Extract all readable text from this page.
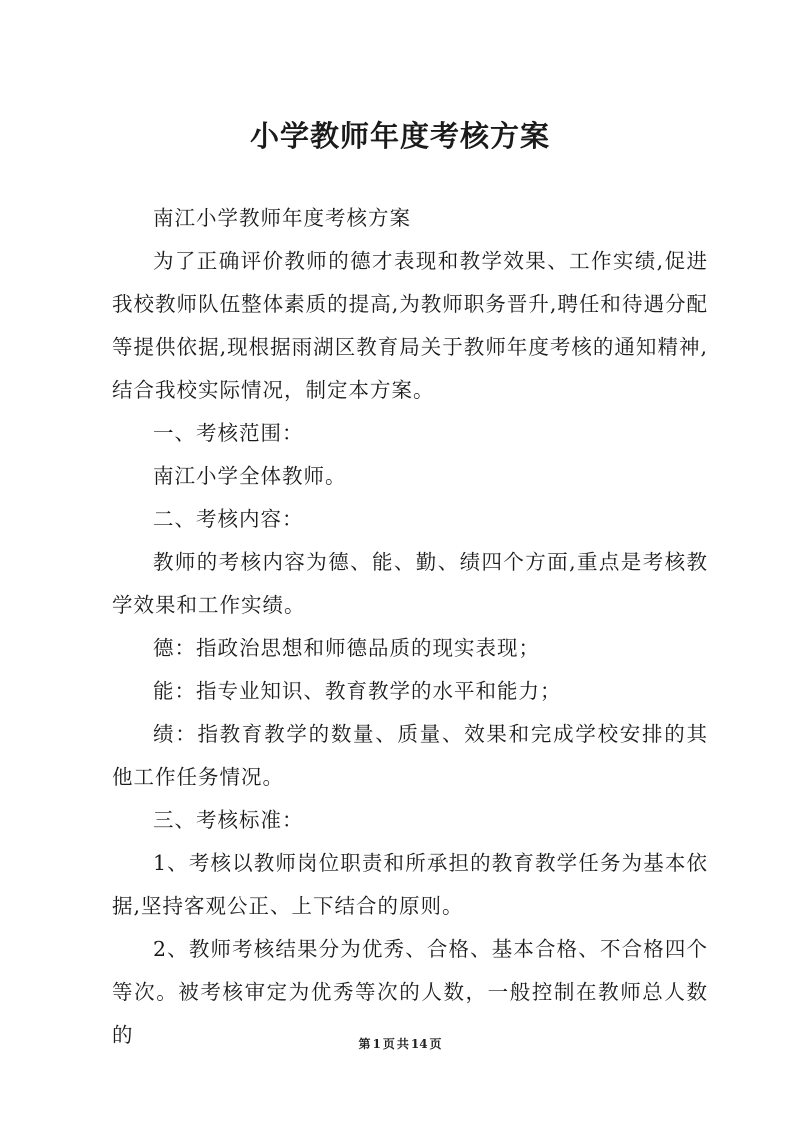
小学教师年度考核方案

南江小学教师年度考核方案

为了正确评价教师的德才表现和教学效果、工作实绩,促进我校教师队伍整体素质的提高,为教师职务晋升,聘任和待遇分配等提供依据,现根据雨湖区教育局关于教师年度考核的通知精神,结合我校实际情况，制定本方案。

一、考核范围：

南江小学全体教师。

二、考核内容：

教师的考核内容为德、能、勤、绩四个方面,重点是考核教学效果和工作实绩。

德：指政治思想和师德品质的现实表现；

能：指专业知识、教育教学的水平和能力；

绩：指教育教学的数量、质量、效果和完成学校安排的其他工作任务情况。

三、考核标准：

1、考核以教师岗位职责和所承担的教育教学任务为基本依据,坚持客观公正、上下结合的原则。

2、教师考核结果分为优秀、合格、基本合格、不合格四个等次。被考核审定为优秀等次的人数，一般控制在教师总人数的	第 1 页 共 14 页
